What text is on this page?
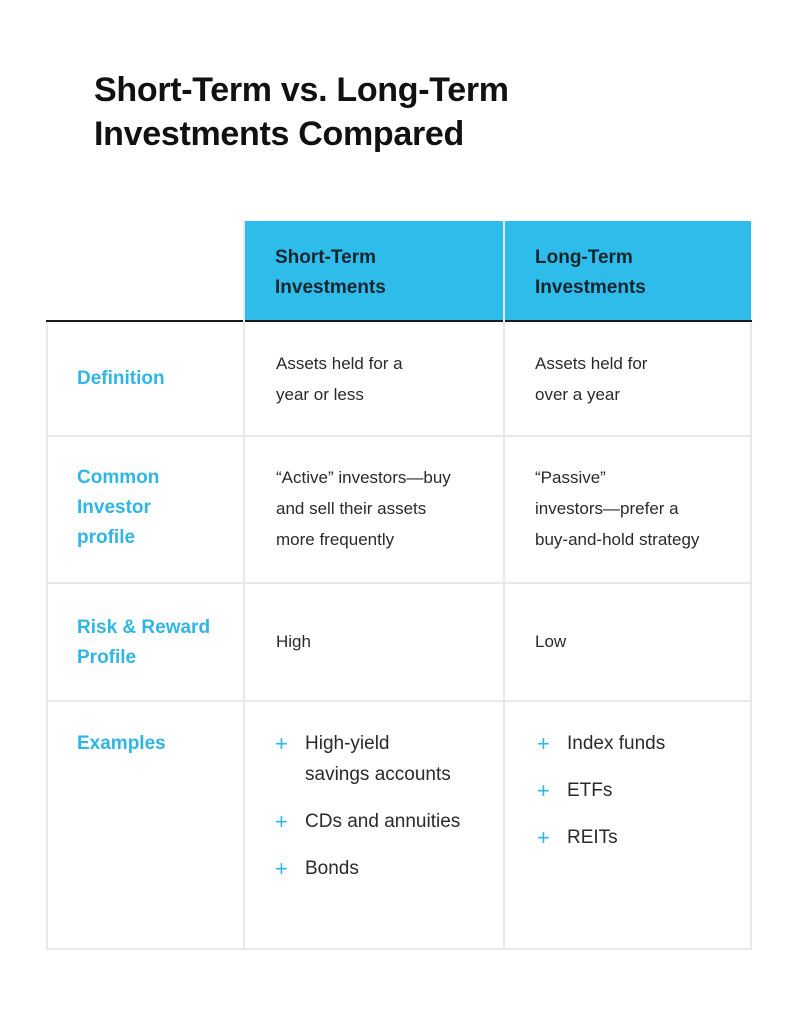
Short-Term vs. Long-Term
Investments Compared
Short-Term
Investments
Long-Term
Investments
Definition
Assets held for a
year or less
Assets held for
over a year
Common
Investor
profile
“Active” investors—buy
and sell their assets
more frequently
“Passive”
investors—prefer a
buy-and-hold strategy
Risk & Reward
Profile
High	Low
Examples	+ High-yield
savings accounts
+ CDs and annuities
+ Bonds
+ Index funds
+ ETFs
+ REITs
